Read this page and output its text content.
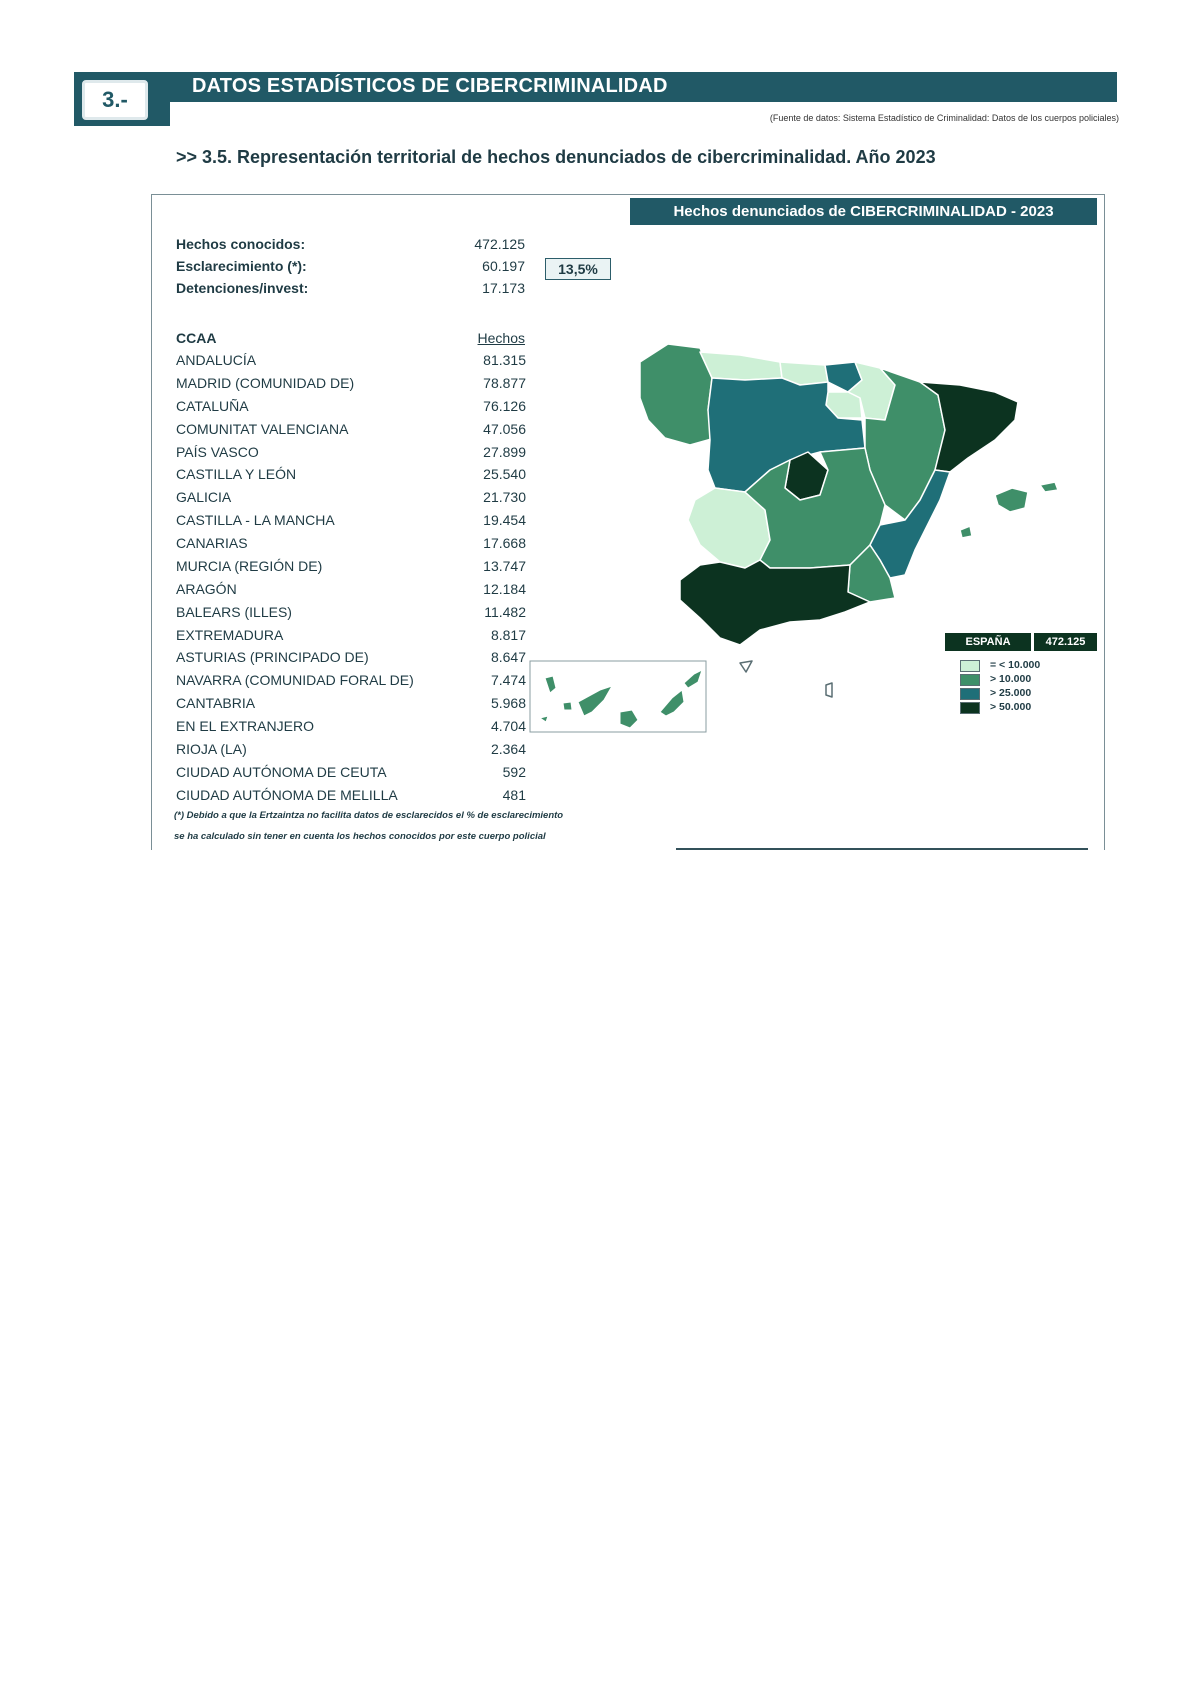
3.-
DATOS ESTADÍSTICOS DE CIBERCRIMINALIDAD
(Fuente de datos: Sistema Estadístico de Criminalidad: Datos de los cuerpos policiales)
>> 3.5. Representación territorial de hechos denunciados de cibercriminalidad. Año 2023
Hechos denunciados de CIBERCRIMINALIDAD - 2023
Hechos conocidos:	472.125
Esclarecimiento (*):	60.197	13,5%
Detenciones/invest:	17.173
CCAA	Hechos
ANDALUCÍA	81.315
MADRID (COMUNIDAD DE)	78.877
CATALUÑA	76.126
COMUNITAT VALENCIANA	47.056
PAÍS VASCO	27.899
CASTILLA Y LEÓN	25.540
GALICIA	21.730
CASTILLA - LA MANCHA	19.454
CANARIAS	17.668
MURCIA (REGIÓN DE)	13.747
ARAGÓN	12.184
BALEARS (ILLES)	11.482
EXTREMADURA	8.817
ASTURIAS (PRINCIPADO DE)	8.647
NAVARRA (COMUNIDAD FORAL DE)	7.474
CANTABRIA	5.968
EN EL EXTRANJERO	4.704
RIOJA (LA)	2.364
CIUDAD AUTÓNOMA DE CEUTA	592
CIUDAD AUTÓNOMA DE MELILLA	481
(*) Debido a que la Ertzaintza no facilita datos de esclarecidos el % de esclarecimiento
se ha calculado sin tener en cuenta los hechos conocidos por este cuerpo policial
ESPAÑA	472.125
= < 10.000
> 10.000
> 25.000
> 50.000
